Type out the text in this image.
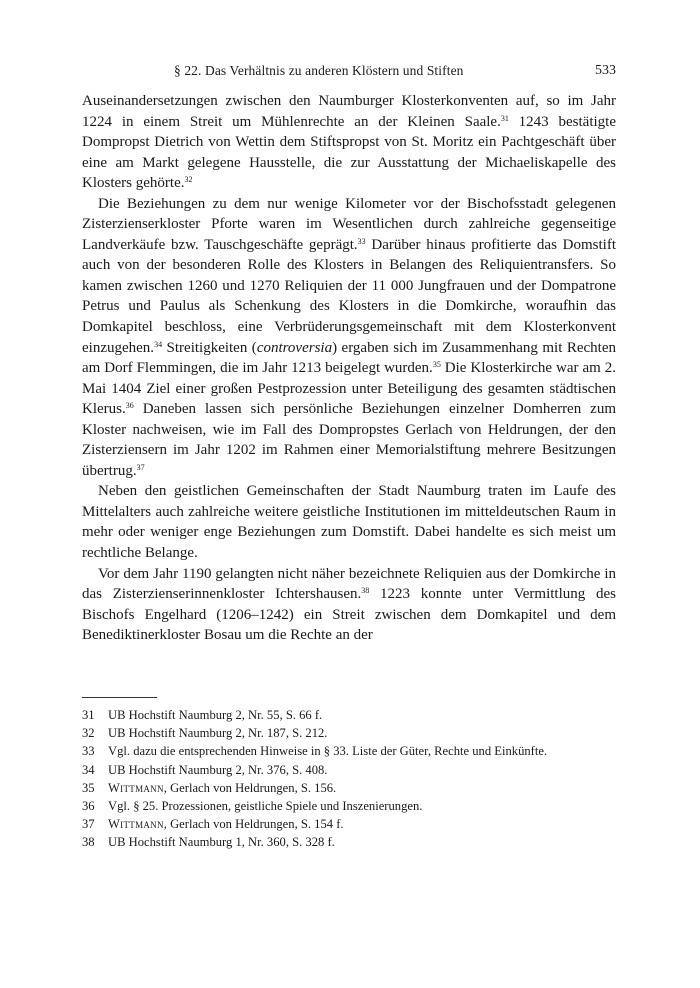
§ 22. Das Verhältnis zu anderen Klöstern und Stiften	533

Auseinandersetzungen zwischen den Naumburger Klosterkonventen auf, so im Jahr 1224 in einem Streit um Mühlenrechte an der Kleinen Saale.$^{31}$ 1243 bestätigte Dompropst Dietrich von Wettin dem Stiftspropst von St. Moritz ein Pachtgeschäft über eine am Markt gelegene Hausstelle, die zur Ausstattung der Michaeliskapelle des Klosters gehörte.$^{32}$

Die Beziehungen zu dem nur wenige Kilometer vor der Bischofsstadt gelegenen Zisterzienserkloster Pforte waren im Wesentlichen durch zahlreiche gegenseitige Landverkäufe bzw. Tauschgeschäfte geprägt.$^{33}$ Darüber hinaus profitierte das Domstift auch von der besonderen Rolle des Klosters in Belangen des Reliquientransfers. So kamen zwischen 1260 und 1270 Reliquien der 11 000 Jungfrauen und der Dompatrone Petrus und Paulus als Schenkung des Klosters in die Domkirche, woraufhin das Domkapitel beschloss, eine Verbrüderungsgemeinschaft mit dem Klosterkonvent einzugehen.$^{34}$ Streitigkeiten (controversia) ergaben sich im Zusammenhang mit Rechten am Dorf Flemmingen, die im Jahr 1213 beigelegt wurden.$^{35}$ Die Klosterkirche war am 2. Mai 1404 Ziel einer großen Pestprozession unter Beteiligung des gesamten städtischen Klerus.$^{36}$ Daneben lassen sich persönliche Beziehungen einzelner Domherren zum Kloster nachweisen, wie im Fall des Dompropstes Gerlach von Heldrungen, der den Zisterziensern im Jahr 1202 im Rahmen einer Memorialstiftung mehrere Besitzungen übertrug.$^{37}$

Neben den geistlichen Gemeinschaften der Stadt Naumburg traten im Laufe des Mittelalters auch zahlreiche weitere geistliche Institutionen im mitteldeutschen Raum in mehr oder weniger enge Beziehungen zum Domstift. Dabei handelte es sich meist um rechtliche Belange.

Vor dem Jahr 1190 gelangten nicht näher bezeichnete Reliquien aus der Domkirche in das Zisterzienserinnenkloster Ichtershausen.$^{38}$ 1223 konnte unter Vermittlung des Bischofs Engelhard (1206–1242) ein Streit zwischen dem Domkapitel und dem Benediktinerkloster Bosau um die Rechte an der

31	UB Hochstift Naumburg 2, Nr. 55, S. 66 f.
32	UB Hochstift Naumburg 2, Nr. 187, S. 212.
33	Vgl. dazu die entsprechenden Hinweise in § 33. Liste der Güter, Rechte und Einkünfte.
34	UB Hochstift Naumburg 2, Nr. 376, S. 408.
35	Wittmann, Gerlach von Heldrungen, S. 156.
36	Vgl. § 25. Prozessionen, geistliche Spiele und Inszenierungen.
37	Wittmann, Gerlach von Heldrungen, S. 154 f.
38	UB Hochstift Naumburg 1, Nr. 360, S. 328 f.
